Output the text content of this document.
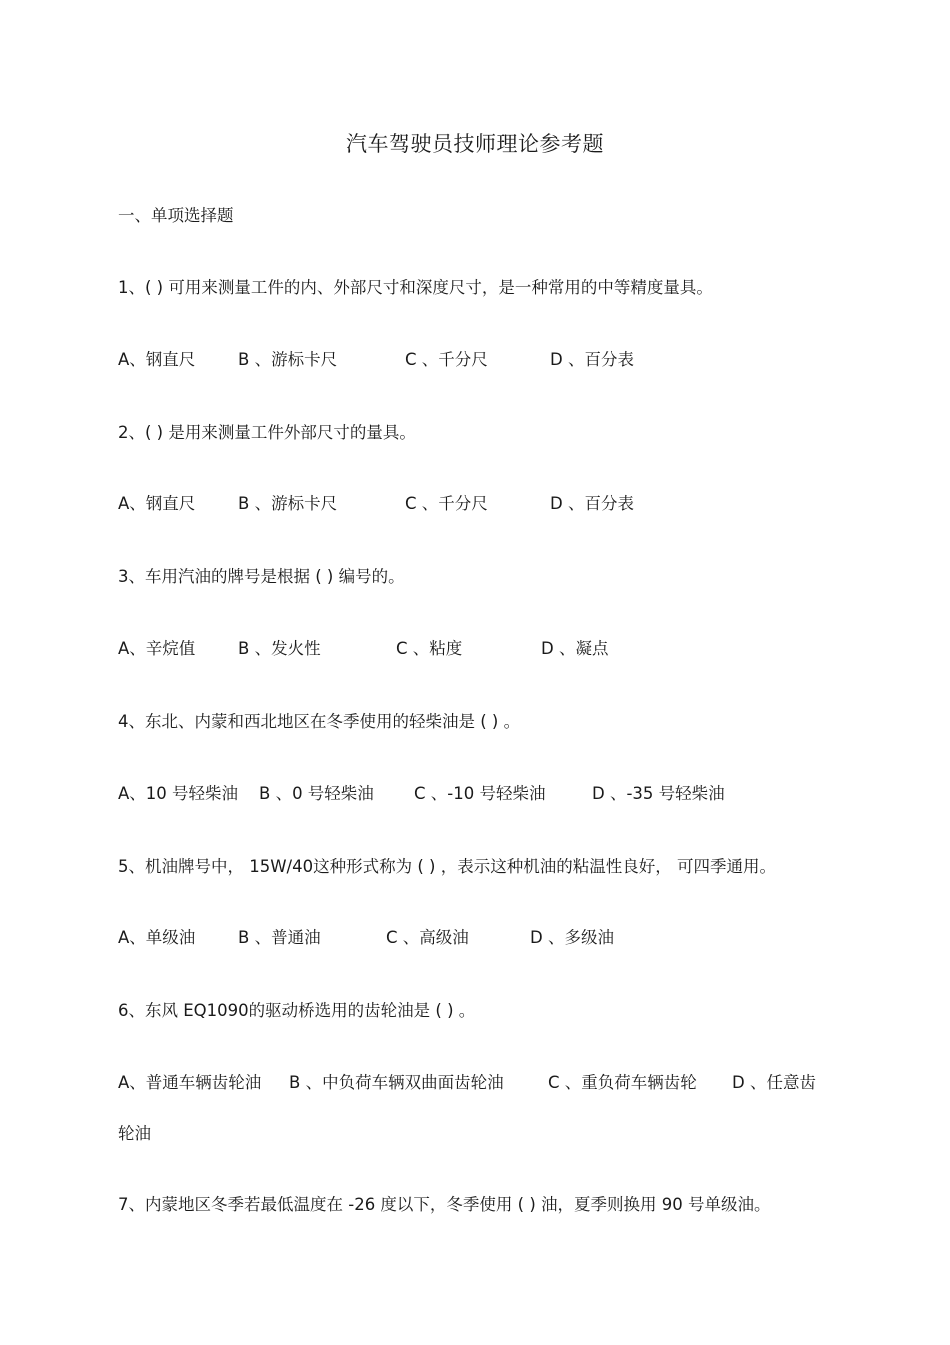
汽车驾驶员技师理论参考题
一、单项选择题
1、( ) 可用来测量工件的内、外部尺寸和深度尺寸，是一种常用的中等精度量具。
A、钢直尺	B 、游标卡尺	C 、千分尺	D 、百分表
2、( ) 是用来测量工件外部尺寸的量具。
A、钢直尺	B 、游标卡尺	C 、千分尺	D 、百分表
3、车用汽油的牌号是根据 ( ) 编号的。
A、辛烷值	B 、发火性	C 、粘度	D 、凝点
4、东北、内蒙和西北地区在冬季使用的轻柴油是 ( ) 。
A、10 号轻柴油 B 、0 号轻柴油 C 、-10 号轻柴油	D 、-35 号轻柴油
5、机油牌号中， 15W/40这种形式称为 ( ) ，表示这种机油的粘温性良好， 可四季通用。
A、单级油	B 、普通油	C 、高级油	D 、多级油
6、东风 EQ1090的驱动桥选用的齿轮油是 ( ) 。
A、普通车辆齿轮油 B 、中负荷车辆双曲面齿轮油	C 、重负荷车辆齿轮 D 、任意齿
轮油
7、内蒙地区冬季若最低温度在 -26 度以下，冬季使用 ( ) 油，夏季则换用 90 号单级油。
